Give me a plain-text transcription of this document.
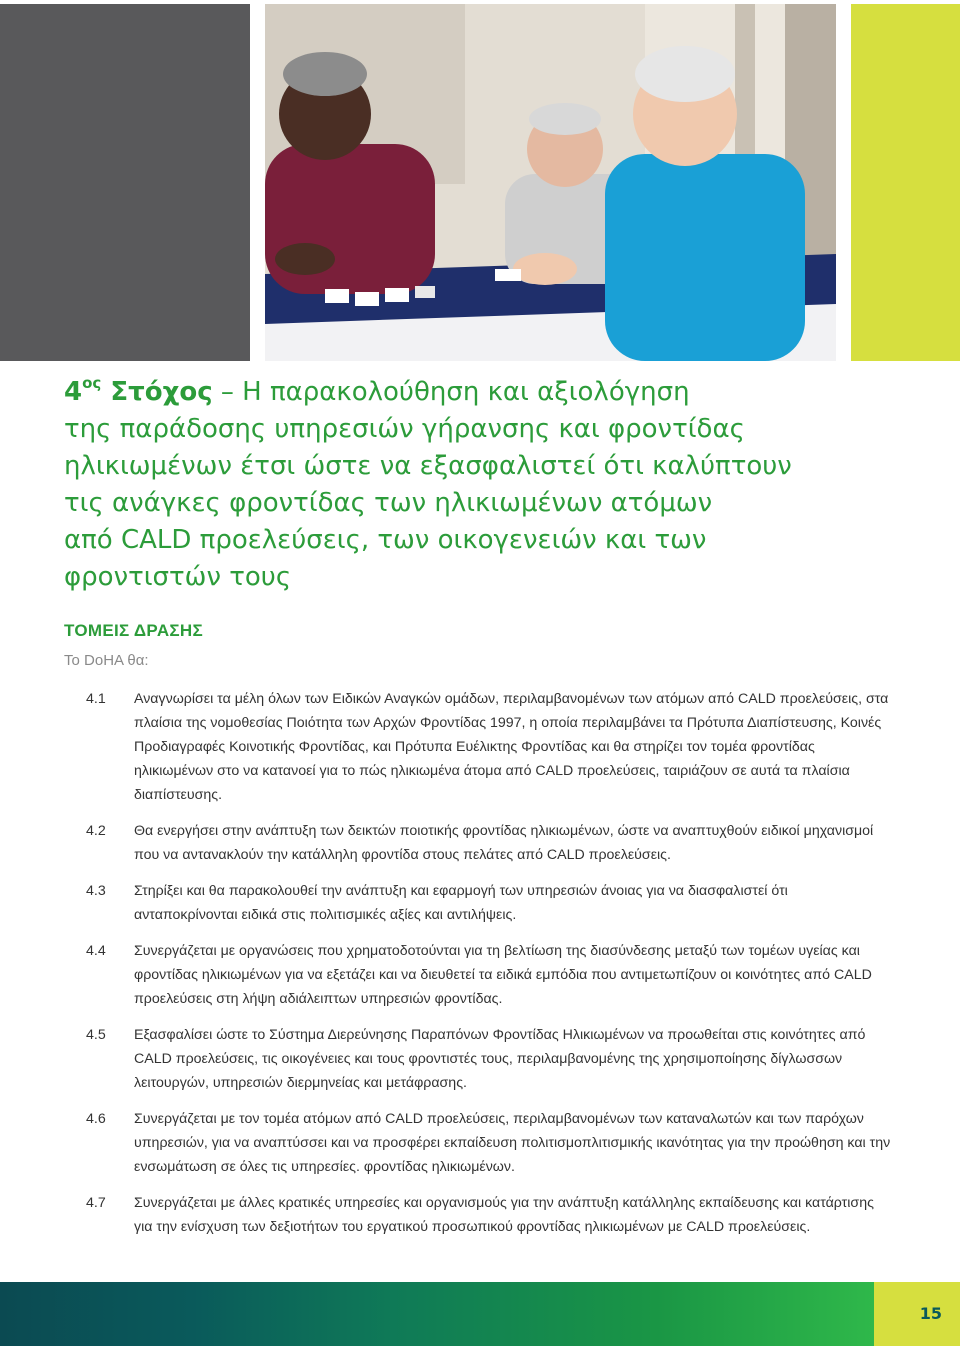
$4^{o\varsigma}$ Στόχος – Η παρακολούθηση και αξιολόγηση
της παράδοσης υπηρεσιών γήρανσης και φροντίδας
ηλικιωμένων έτσι ώστε να εξασφαλιστεί ότι καλύπτουν
τις ανάγκες φροντίδας των ηλικιωμένων ατόμων
από CALD προελεύσεις, των οικογενειών και των
φροντιστών τους
ΤΟΜΕΙΣ ΔΡΑΣΗΣ

Το DoHA θα:

4.1 Αναγνωρίσει τα μέλη όλων των Ειδικών Αναγκών ομάδων, περιλαμβανομένων των ατόμων από CALD προελεύσεις, στα πλαίσια της νομοθεσίας Ποιότητα των Αρχών Φροντίδας 1997, η οποία περιλαμβάνει τα Πρότυπα Διαπίστευσης, Κοινές Προδιαγραφές Κοινοτικής Φροντίδας, και Πρότυπα Ευέλικτης Φροντίδας και θα στηρίζει τον τομέα φροντίδας ηλικιωμένων στο να κατανοεί για το πώς ηλικιωμένα άτομα από CALD προελεύσεις, ταιριάζουν σε αυτά τα πλαίσια διαπίστευσης.
4.2 Θα ενεργήσει στην ανάπτυξη των δεικτών ποιοτικής φροντίδας ηλικιωμένων, ώστε να αναπτυχθούν ειδικοί μηχανισμοί που να αντανακλούν την κατάλληλη φροντίδα στους πελάτες από CALD προελεύσεις.
4.3 Στηρίξει και θα παρακολουθεί την ανάπτυξη και εφαρμογή των υπηρεσιών άνοιας για να διασφαλιστεί ότι ανταποκρίνονται ειδικά στις πολιτισμικές αξίες και αντιλήψεις.
4.4 Συνεργάζεται με οργανώσεις που χρηματοδοτούνται για τη βελτίωση της διασύνδεσης μεταξύ των τομέων υγείας και φροντίδας ηλικιωμένων για να εξετάζει και να διευθετεί τα ειδικά εμπόδια που αντιμετωπίζουν οι κοινότητες από CALD προελεύσεις στη λήψη αδιάλειπτων υπηρεσιών φροντίδας.
4.5 Εξασφαλίσει ώστε το Σύστημα Διερεύνησης Παραπόνων Φροντίδας Ηλικιωμένων να προωθείται στις κοινότητες από CALD προελεύσεις, τις οικογένειες και τους φροντιστές τους, περιλαμβανομένης της χρησιμοποίησης δίγλωσσων λειτουργών, υπηρεσιών διερμηνείας και μετάφρασης.
4.6 Συνεργάζεται με τον τομέα ατόμων από CALD προελεύσεις, περιλαμβανομένων των καταναλωτών και των παρόχων υπηρεσιών, για να αναπτύσσει και να προσφέρει εκπαίδευση πολιτισμοπλιτισμικής ικανότητας για την προώθηση και την ενσωμάτωση σε όλες τις υπηρεσίες. φροντίδας ηλικιωμένων.
4.7 Συνεργάζεται με άλλες κρατικές υπηρεσίες και οργανισμούς για την ανάπτυξη κατάλληλης εκπαίδευσης και κατάρτισης για την ενίσχυση των δεξιοτήτων του εργατικού προσωπικού φροντίδας ηλικιωμένων με CALD προελεύσεις.
15
